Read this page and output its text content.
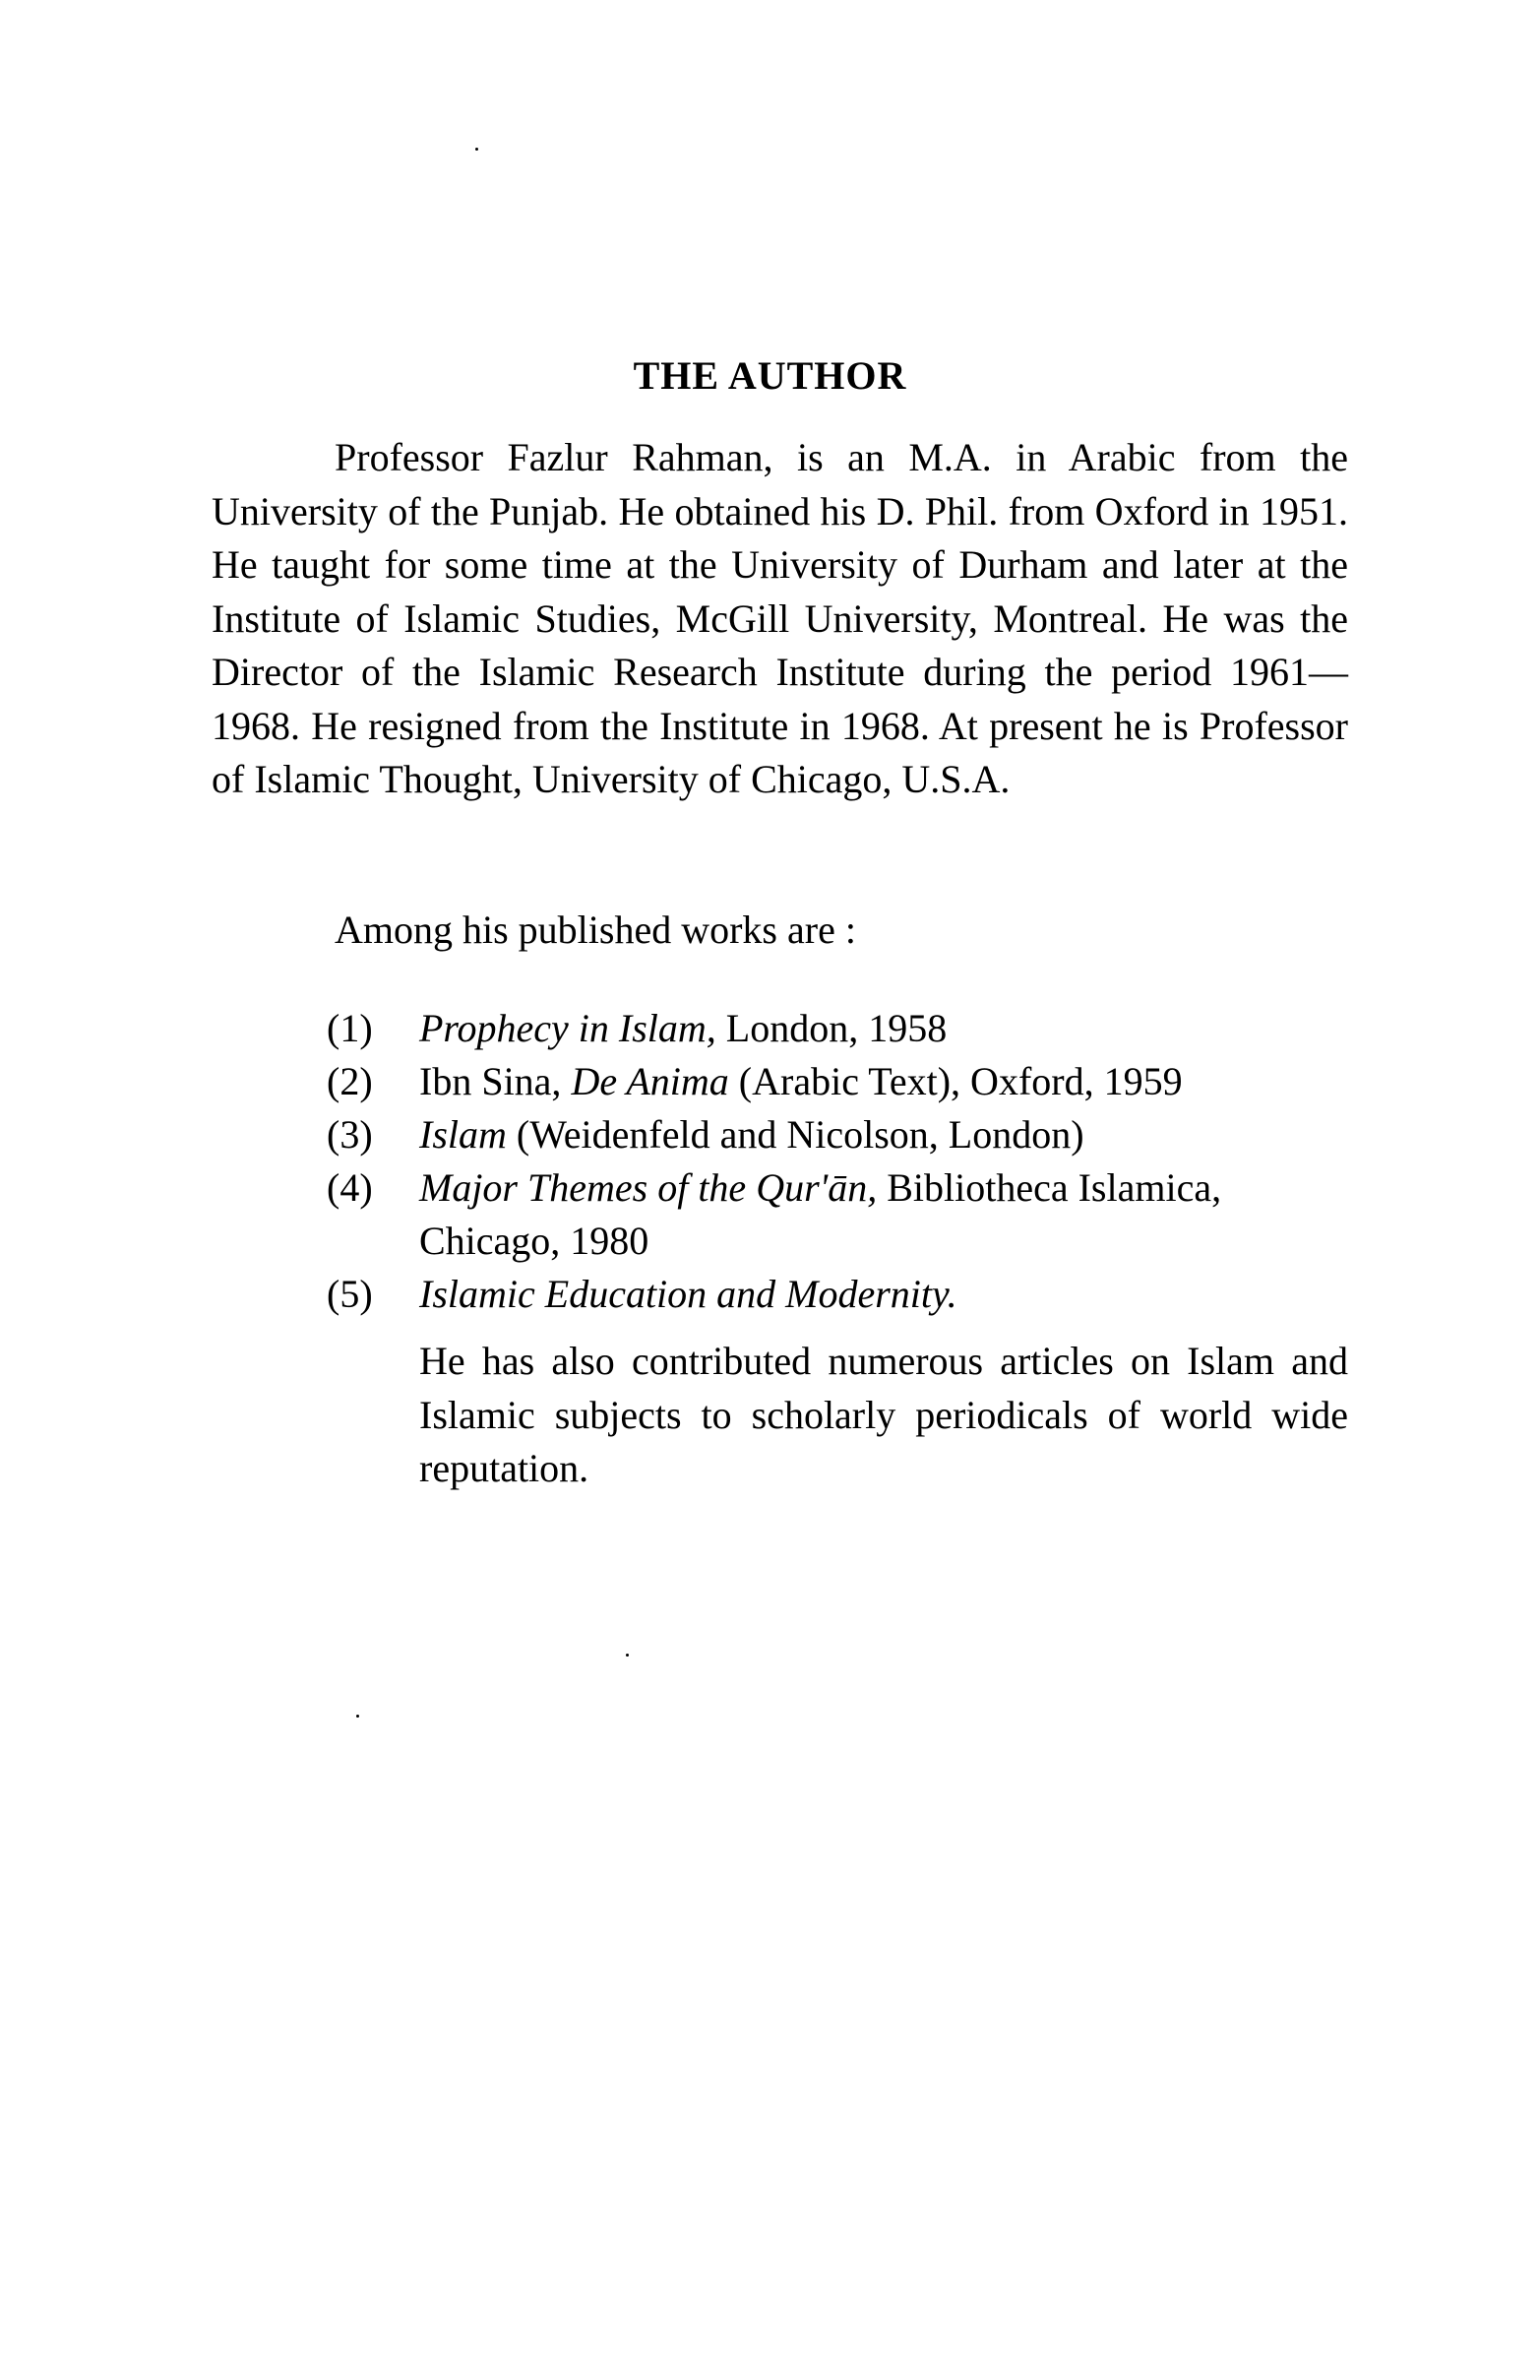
THE AUTHOR

Professor Fazlur Rahman, is an M.A. in Arabic from the University of the Punjab. He obtained his D. Phil. from Oxford in 1951. He taught for some time at the University of Durham and later at the Institute of Islamic Studies, McGill University, Montreal. He was the Director of the Islamic Research Institute during the period 1961—1968. He resigned from the Institute in 1968. At present he is Professor of Islamic Thought, University of Chicago, U.S.A.

Among his published works are :

(1)	Prophecy in Islam, London, 1958
(2)	Ibn Sina, De Anima (Arabic Text), Oxford, 1959
(3)	Islam (Weidenfeld and Nicolson, London)
(4)	Major Themes of the Qur'ān, Bibliotheca Islamica, Chicago, 1980
(5)	Islamic Education and Modernity.

He has also contributed numerous articles on Islam and Islamic subjects to scholarly periodicals of world wide reputation.
